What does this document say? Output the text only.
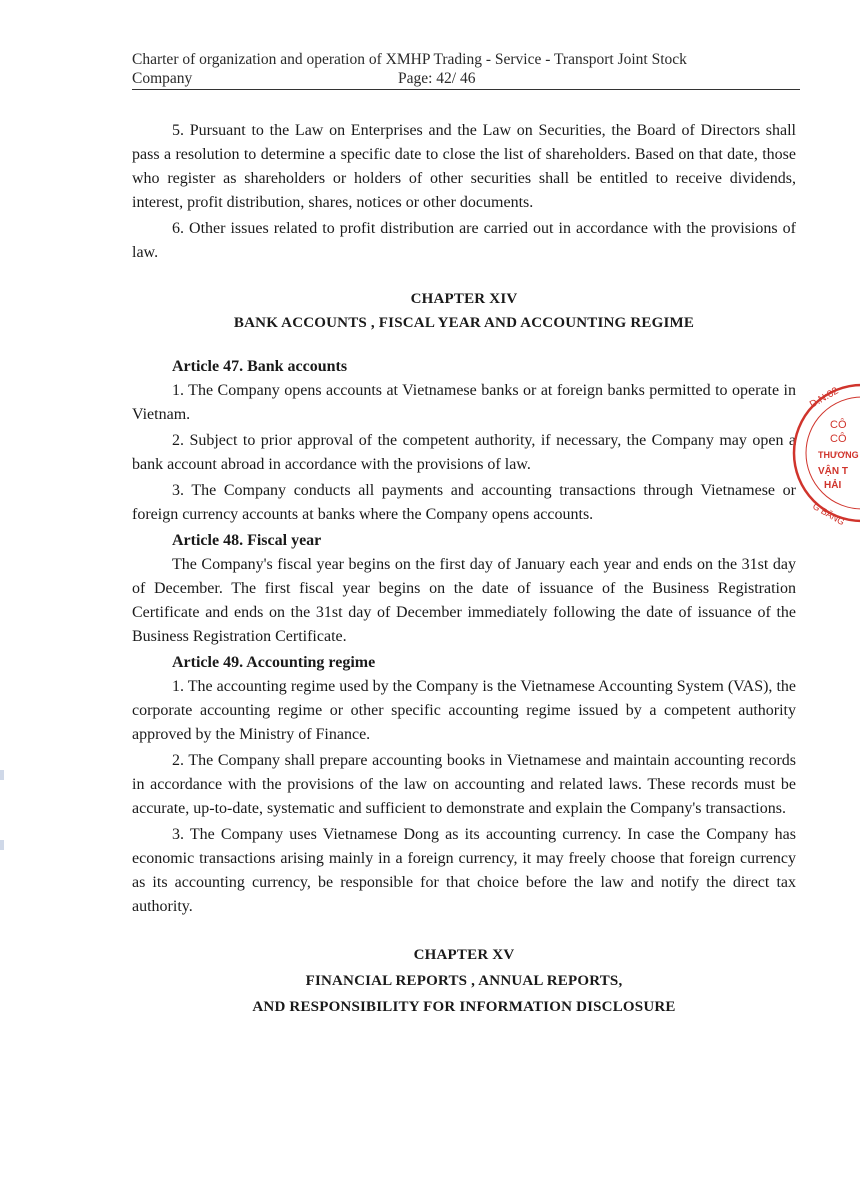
Charter of organization and operation of XMHP Trading - Service - Transport Joint Stock
Company	Page: 42/ 46

5. Pursuant to the Law on Enterprises and the Law on Securities, the Board of Directors shall pass a resolution to determine a specific date to close the list of shareholders. Based on that date, those who register as shareholders or holders of other securities shall be entitled to receive dividends, interest, profit distribution, shares, notices or other documents.

6. Other issues related to profit distribution are carried out in accordance with the provisions of law.

CHAPTER XIV

BANK ACCOUNTS , FISCAL YEAR AND ACCOUNTING REGIME

Article 47. Bank accounts

1. The Company opens accounts at Vietnamese banks or at foreign banks permitted to operate in Vietnam.

2. Subject to prior approval of the competent authority, if necessary, the Company may open a bank account abroad in accordance with the provisions of law.

3. The Company conducts all payments and accounting transactions through Vietnamese or foreign currency accounts at banks where the Company opens accounts.

Article 48. Fiscal year

The Company's fiscal year begins on the first day of January each year and ends on the 31st day of December. The first fiscal year begins on the date of issuance of the Business Registration Certificate and ends on the 31st day of December immediately following the date of issuance of the Business Registration Certificate.

Article 49. Accounting regime

1. The accounting regime used by the Company is the Vietnamese Accounting System (VAS), the corporate accounting regime or other specific accounting regime issued by a competent authority approved by the Ministry of Finance.

2. The Company shall prepare accounting books in Vietnamese and maintain accounting records in accordance with the provisions of the law on accounting and related laws. These records must be accurate, up-to-date, systematic and sufficient to demonstrate and explain the Company's transactions.

3. The Company uses Vietnamese Dong as its accounting currency. In case the Company has economic transactions arising mainly in a foreign currency, it may freely choose that foreign currency as its accounting currency, be responsible for that choice before the law and notify the direct tax authority.

CHAPTER XV

FINANCIAL REPORTS , ANNUAL REPORTS,

AND RESPONSIBILITY FOR INFORMATION DISCLOSURE

D.N:02
CÔ
CÔ
THƯƠNG
VẬN T
HẢI
G BĂNG
